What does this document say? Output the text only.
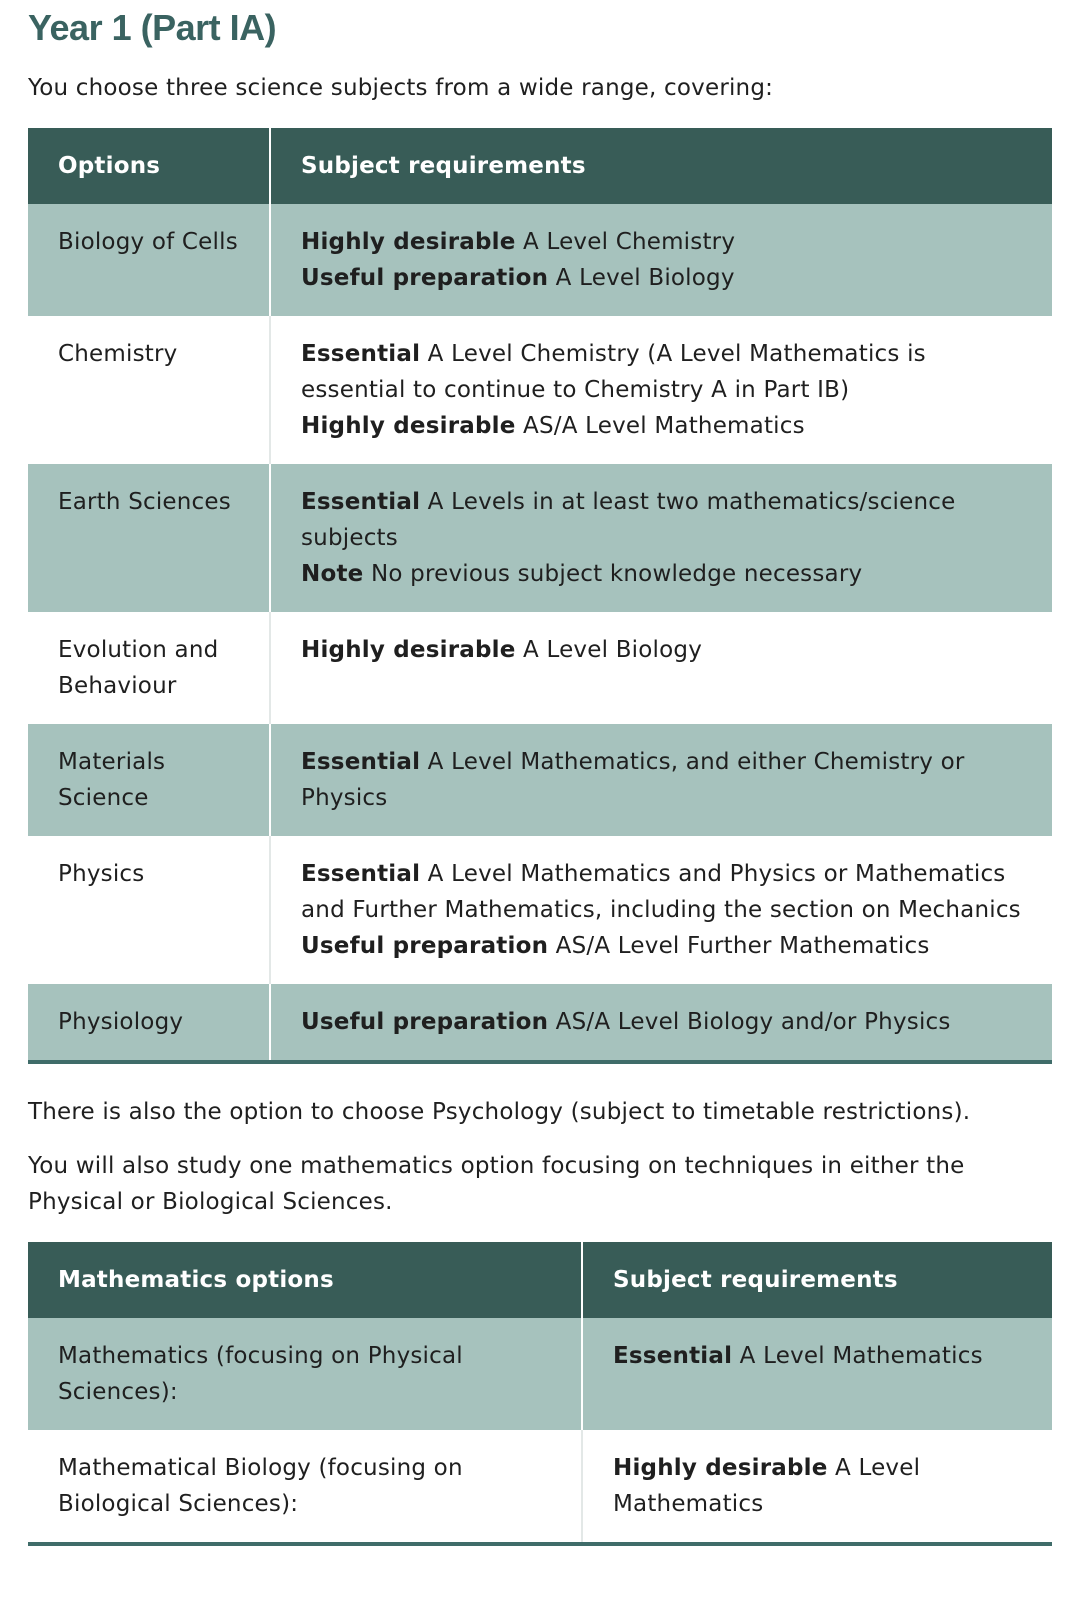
Year 1 (Part IA)

You choose three science subjects from a wide range, covering:

Options	Subject requirements
Biology of Cells	Highly desirable A Level Chemistry
Useful preparation A Level Biology

Chemistry	Essential A Level Chemistry (A Level Mathematics is essential to continue to Chemistry A in Part IB)
Highly desirable AS/A Level Mathematics

Earth Sciences	Essential A Levels in at least two mathematics/science subjects
Note No previous subject knowledge necessary

Evolution and Behaviour	Highly desirable A Level Biology

Materials Science	Essential A Level Mathematics, and either Chemistry or Physics

Physics	Essential A Level Mathematics and Physics or Mathematics and Further Mathematics, including the section on Mechanics
Useful preparation AS/A Level Further Mathematics

Physiology	Useful preparation AS/A Level Biology and/or Physics

There is also the option to choose Psychology (subject to timetable restrictions).

You will also study one mathematics option focusing on techniques in either the Physical or Biological Sciences.

Mathematics options	Subject requirements
Mathematics (focusing on Physical Sciences):	Essential A Level Mathematics

Mathematical Biology (focusing on Biological Sciences):	Highly desirable A Level Mathematics
